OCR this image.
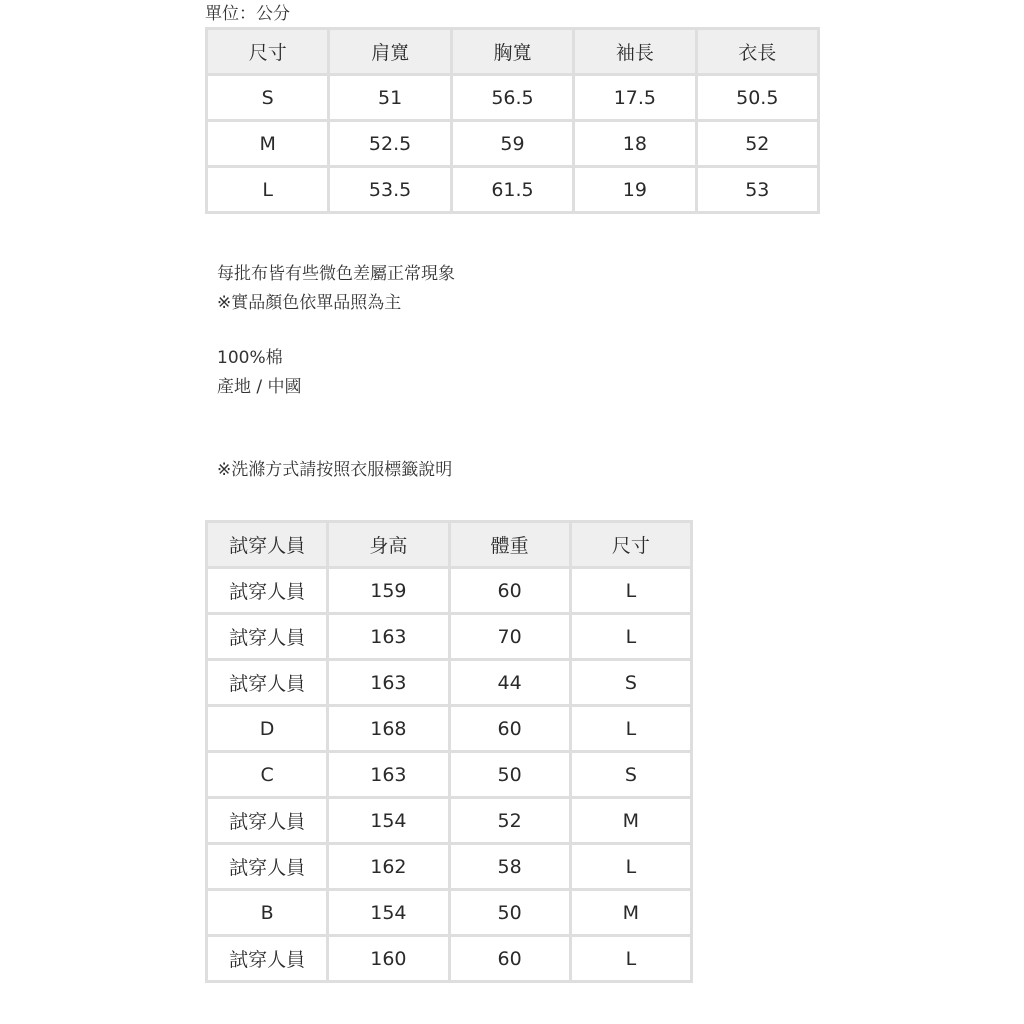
單位：公分
尺寸	肩寬	胸寬	袖長	衣長
S	51	56.5	17.5	50.5
M	52.5	59	18	52
L	53.5	61.5	19	53
每批布皆有些微色差屬正常現象
※實品顏色依單品照為主
100%棉
產地 / 中國
※洗滌方式請按照衣服標籤說明
試穿人員	身高	體重	尺寸
試穿人員	159	60	L
試穿人員	163	70	L
試穿人員	163	44	S
D	168	60	L
C	163	50	S
試穿人員	154	52	M
試穿人員	162	58	L
B	154	50	M
試穿人員	160	60	L
